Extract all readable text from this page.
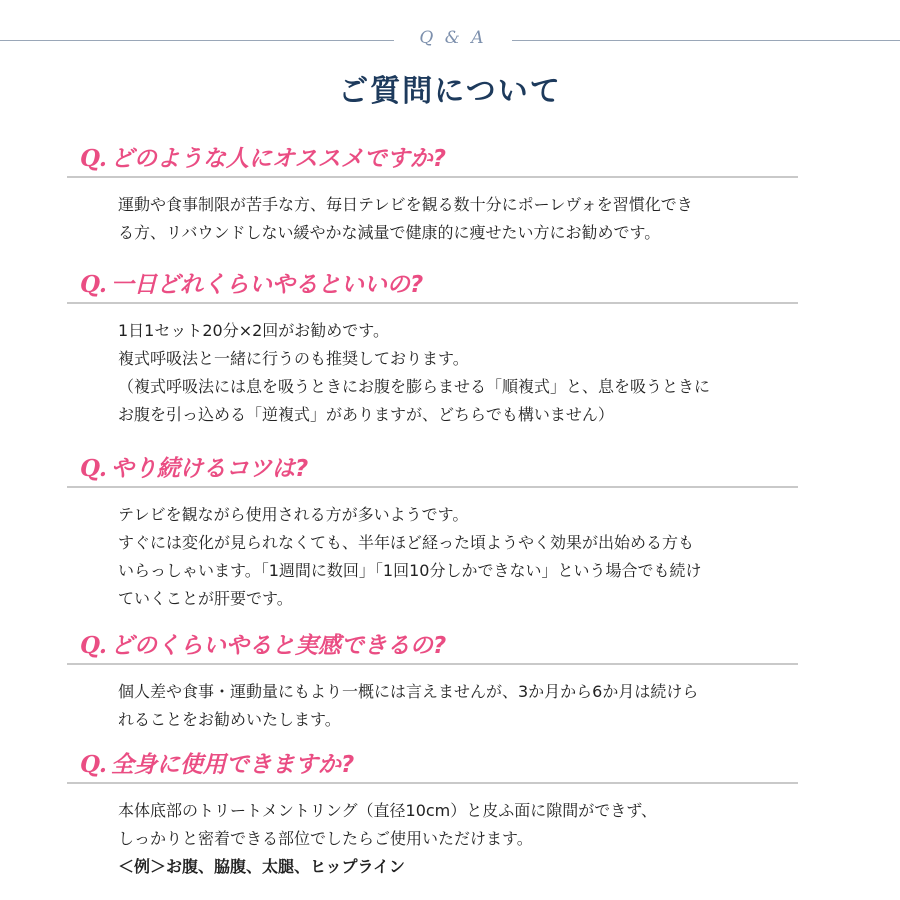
Q & A
ご質問について
Q. どのような人にオススメですか?
運動や食事制限が苦手な方、毎日テレビを観る数十分にポーレヴォを習慣化でき
る方、リバウンドしない緩やかな減量で健康的に痩せたい方にお勧めです。
Q. 一日どれくらいやるといいの?
1日1セット20分×2回がお勧めです。
複式呼吸法と一緒に行うのも推奨しております。
（複式呼吸法には息を吸うときにお腹を膨らませる「順複式」と、息を吸うときに
お腹を引っ込める「逆複式」がありますが、どちらでも構いません）
Q. やり続けるコツは?
テレビを観ながら使用される方が多いようです。
すぐには変化が見られなくても、半年ほど経った頃ようやく効果が出始める方も
いらっしゃいます。「1週間に数回」「1回10分しかできない」という場合でも続け
ていくことが肝要です。
Q. どのくらいやると実感できるの?
個人差や食事・運動量にもより一概には言えませんが、3か月から6か月は続けら
れることをお勧めいたします。
Q. 全身に使用できますか?
本体底部のトリートメントリング（直径10cm）と皮ふ面に隙間ができず、
しっかりと密着できる部位でしたらご使用いただけます。
＜例＞お腹、脇腹、太腿、ヒップライン
